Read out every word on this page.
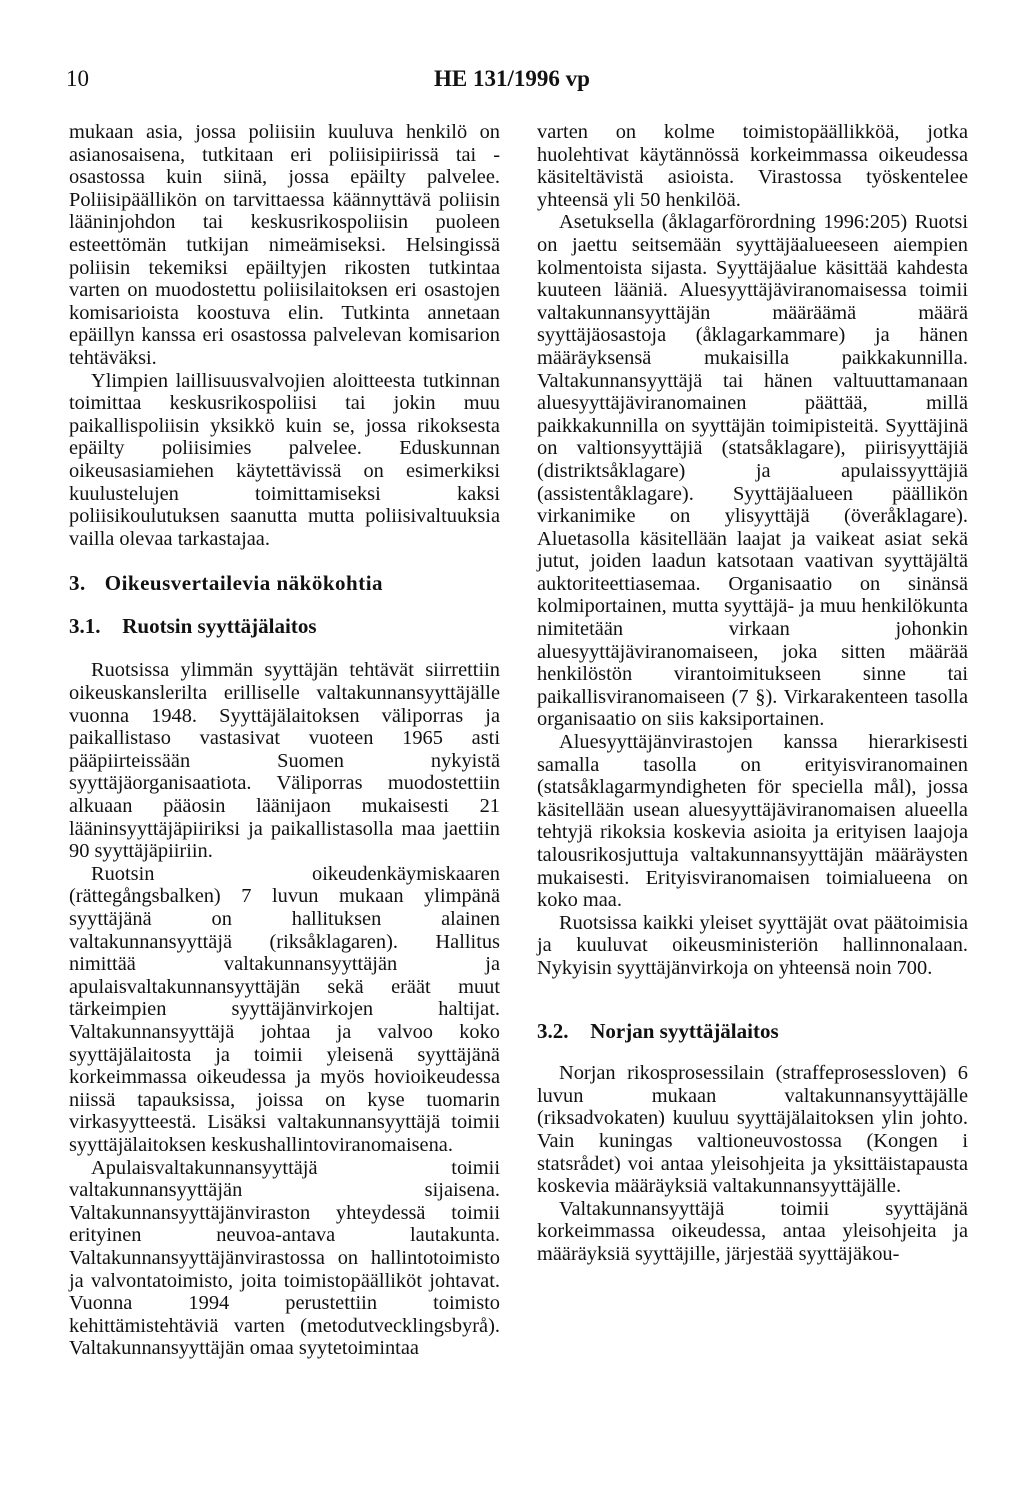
10	HE 131/1996 vp

mukaan asia, jossa poliisiin kuuluva henkilö on asianosaisena, tutkitaan eri poliisipiirissä tai -osastossa kuin siinä, jossa epäilty palvelee. Poliisipäällikön on tarvittaessa käännyttävä poliisin lääninjohdon tai keskusrikospoliisin puoleen esteettömän tutkijan nimeämiseksi. Helsingissä poliisin tekemiksi epäiltyjen rikosten tutkintaa varten on muodostettu poliisilaitoksen eri osastojen komisarioista koostuva elin. Tutkinta annetaan epäillyn kanssa eri osastossa palvelevan komisarion tehtäväksi.

Ylimpien laillisuusvalvojien aloitteesta tutkinnan toimittaa keskusrikospoliisi tai jokin muu paikallispoliisin yksikkö kuin se, jossa rikoksesta epäilty poliisimies palvelee. Eduskunnan oikeusasiamiehen käytettävissä on esimerkiksi kuulustelujen toimittamiseksi kaksi poliisikoulutuksen saanutta mutta poliisivaltuuksia vailla olevaa tarkastajaa.

3. Oikeusvertailevia näkökohtia
3.1. Ruotsin syyttäjälaitos

Ruotsissa ylimmän syyttäjän tehtävät siirrettiin oikeuskanslerilta erilliselle valtakunnansyyttäjälle vuonna 1948. Syyttäjälaitoksen väliporras ja paikallistaso vastasivat vuoteen 1965 asti pääpiirteissään Suomen nykyistä syyttäjäorganisaatiota. Väliporras muodostettiin alkuaan pääosin läänijaon mukaisesti 21 lääninsyyttäjäpiiriksi ja paikallistasolla maa jaettiin 90 syyttäjäpiiriin.

Ruotsin oikeudenkäymiskaaren (rättegångsbalken) 7 luvun mukaan ylimpänä syyttäjänä on hallituksen alainen valtakunnansyyttäjä (riksåklagaren). Hallitus nimittää valtakunnansyyttäjän ja apulaisvaltakunnansyyttäjän sekä eräät muut tärkeimpien syyttäjänvirkojen haltijat. Valtakunnansyyttäjä johtaa ja valvoo koko syyttäjälaitosta ja toimii yleisenä syyttäjänä korkeimmassa oikeudessa ja myös hovioikeudessa niissä tapauksissa, joissa on kyse tuomarin virkasyytteestä. Lisäksi valtakunnansyyttäjä toimii syyttäjälaitoksen keskushallintoviranomaisena.

Apulaisvaltakunnansyyttäjä toimii valtakunnansyyttäjän sijaisena. Valtakunnansyyttäjänviraston yhteydessä toimii erityinen neuvoa-antava lautakunta. Valtakunnansyyttäjänvirastossa on hallintotoimisto ja valvontatoimisto, joita toimistopäälliköt johtavat. Vuonna 1994 perustettiin toimisto kehittämistehtäviä varten (metodutvecklingsbyrå). Valtakunnansyyttäjän omaa syytetoimintaa

varten on kolme toimistopäällikköä, jotka huolehtivat käytännössä korkeimmassa oikeudessa käsiteltävistä asioista. Virastossa työskentelee yhteensä yli 50 henkilöä.

Asetuksella (åklagarförordning 1996:205) Ruotsi on jaettu seitsemään syyttäjäalueeseen aiempien kolmentoista sijasta. Syyttäjäalue käsittää kahdesta kuuteen lääniä. Aluesyyttäjäviranomaisessa toimii valtakunnansyyttäjän määräämä määrä syyttäjäosastoja (åklagarkammare) ja hänen määräyksensä mukaisilla paikkakunnilla. Valtakunnansyyttäjä tai hänen valtuuttamanaan aluesyyttäjäviranomainen päättää, millä paikkakunnilla on syyttäjän toimipisteitä. Syyttäjinä on valtionsyyttäjiä (statsåklagare), piirisyyttäjiä (distriktsåklagare) ja apulaissyyttäjiä (assistentåklagare). Syyttäjäalueen päällikön virkanimike on ylisyyttäjä (överåklagare). Aluetasolla käsitellään laajat ja vaikeat asiat sekä jutut, joiden laadun katsotaan vaativan syyttäjältä auktoriteettiasemaa. Organisaatio on sinänsä kolmiportainen, mutta syyttäjä- ja muu henkilökunta nimitetään virkaan johonkin aluesyyttäjäviranomaiseen, joka sitten määrää henkilöstön virantoimitukseen sinne tai paikallisviranomaiseen (7 §). Virkarakenteen tasolla organisaatio on siis kaksiportainen.

Aluesyyttäjänvirastojen kanssa hierarkisesti samalla tasolla on erityisviranomainen (statsåklagarmyndigheten för speciella mål), jossa käsitellään usean aluesyyttäjäviranomaisen alueella tehtyjä rikoksia koskevia asioita ja erityisen laajoja talousrikosjuttuja valtakunnansyyttäjän määräysten mukaisesti. Erityisviranomaisen toimialueena on koko maa.

Ruotsissa kaikki yleiset syyttäjät ovat päätoimisia ja kuuluvat oikeusministeriön hallinnonalaan. Nykyisin syyttäjänvirkoja on yhteensä noin 700.

3.2. Norjan syyttäjälaitos

Norjan rikosprosessilain (straffeprosessloven) 6 luvun mukaan valtakunnansyyttäjälle (riksadvokaten) kuuluu syyttäjälaitoksen ylin johto. Vain kuningas valtioneuvostossa (Kongen i statsrådet) voi antaa yleisohjeita ja yksittäistapausta koskevia määräyksiä valtakunnansyyttäjälle.

Valtakunnansyyttäjä toimii syyttäjänä korkeimmassa oikeudessa, antaa yleisohjeita ja määräyksiä syyttäjille, järjestää syyttäjäkou-
